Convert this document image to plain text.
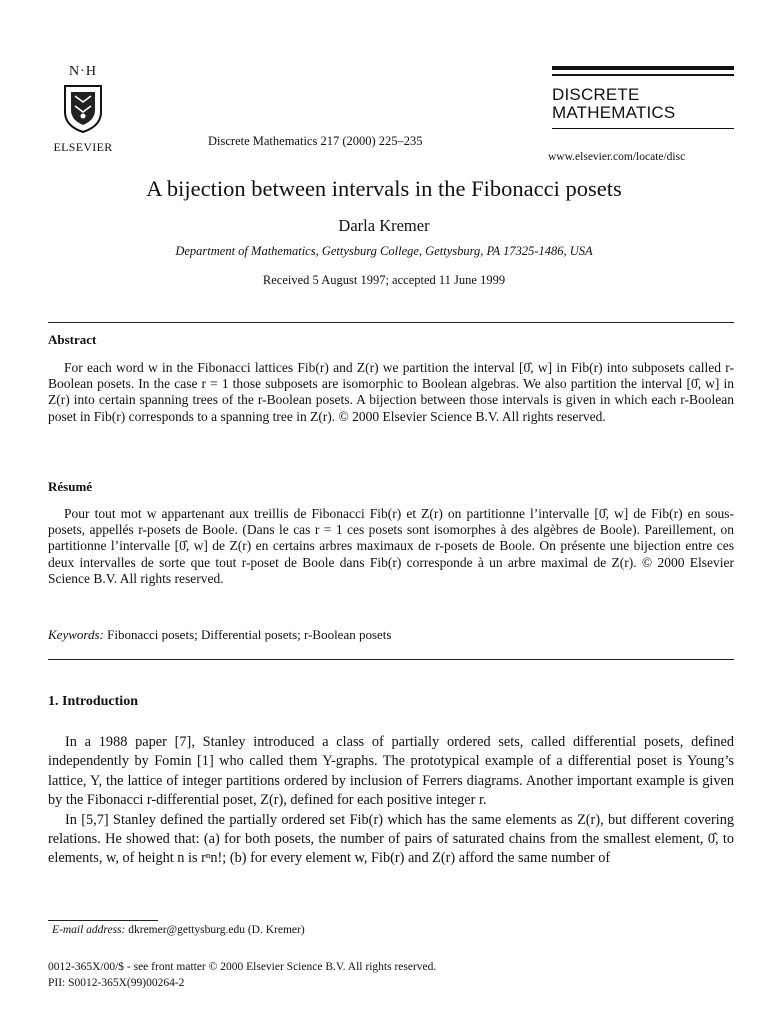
N·H
ELSEVIER	Discrete Mathematics 217 (2000) 225–235
DISCRETE
MATHEMATICS
www.elsevier.com/locate/disc
A bijection between intervals in the Fibonacci posets
Darla Kremer
Department of Mathematics, Gettysburg College, Gettysburg, PA 17325-1486, USA
Received 5 August 1997; accepted 11 June 1999
Abstract

For each word w in the Fibonacci lattices Fib(r) and Z(r) we partition the interval [0̂, w] in Fib(r) into subposets called r-Boolean posets. In the case r = 1 those subposets are isomorphic to Boolean algebras. We also partition the interval [0̂, w] in Z(r) into certain spanning trees of the r-Boolean posets. A bijection between those intervals is given in which each r-Boolean poset in Fib(r) corresponds to a spanning tree in Z(r). © 2000 Elsevier Science B.V. All rights reserved.

Résumé

Pour tout mot w appartenant aux treillis de Fibonacci Fib(r) et Z(r) on partitionne l’intervalle [0̂, w] de Fib(r) en sous-posets, appellés r-posets de Boole. (Dans le cas r = 1 ces posets sont isomorphes à des algèbres de Boole). Pareillement, on partitionne l’intervalle [0̂, w] de Z(r) en certains arbres maximaux de r-posets de Boole. On présente une bijection entre ces deux intervalles de sorte que tout r-poset de Boole dans Fib(r) corresponde à un arbre maximal de Z(r). © 2000 Elsevier Science B.V. All rights reserved.

Keywords: Fibonacci posets; Differential posets; r-Boolean posets
1. Introduction

In a 1988 paper [7], Stanley introduced a class of partially ordered sets, called differential posets, defined independently by Fomin [1] who called them Y-graphs. The prototypical example of a differential poset is Young’s lattice, Y, the lattice of integer partitions ordered by inclusion of Ferrers diagrams. Another important example is given by the Fibonacci r-differential poset, Z(r), defined for each positive integer r.

In [5,7] Stanley defined the partially ordered set Fib(r) which has the same elements as Z(r), but different covering relations. He showed that: (a) for both posets, the number of pairs of saturated chains from the smallest element, 0̂, to elements, w, of height n is rⁿn!; (b) for every element w, Fib(r) and Z(r) afford the same number of

E-mail address: dkremer@gettysburg.edu (D. Kremer)
0012-365X/00/$ - see front matter © 2000 Elsevier Science B.V. All rights reserved.
PII: S0012-365X(99)00264-2
